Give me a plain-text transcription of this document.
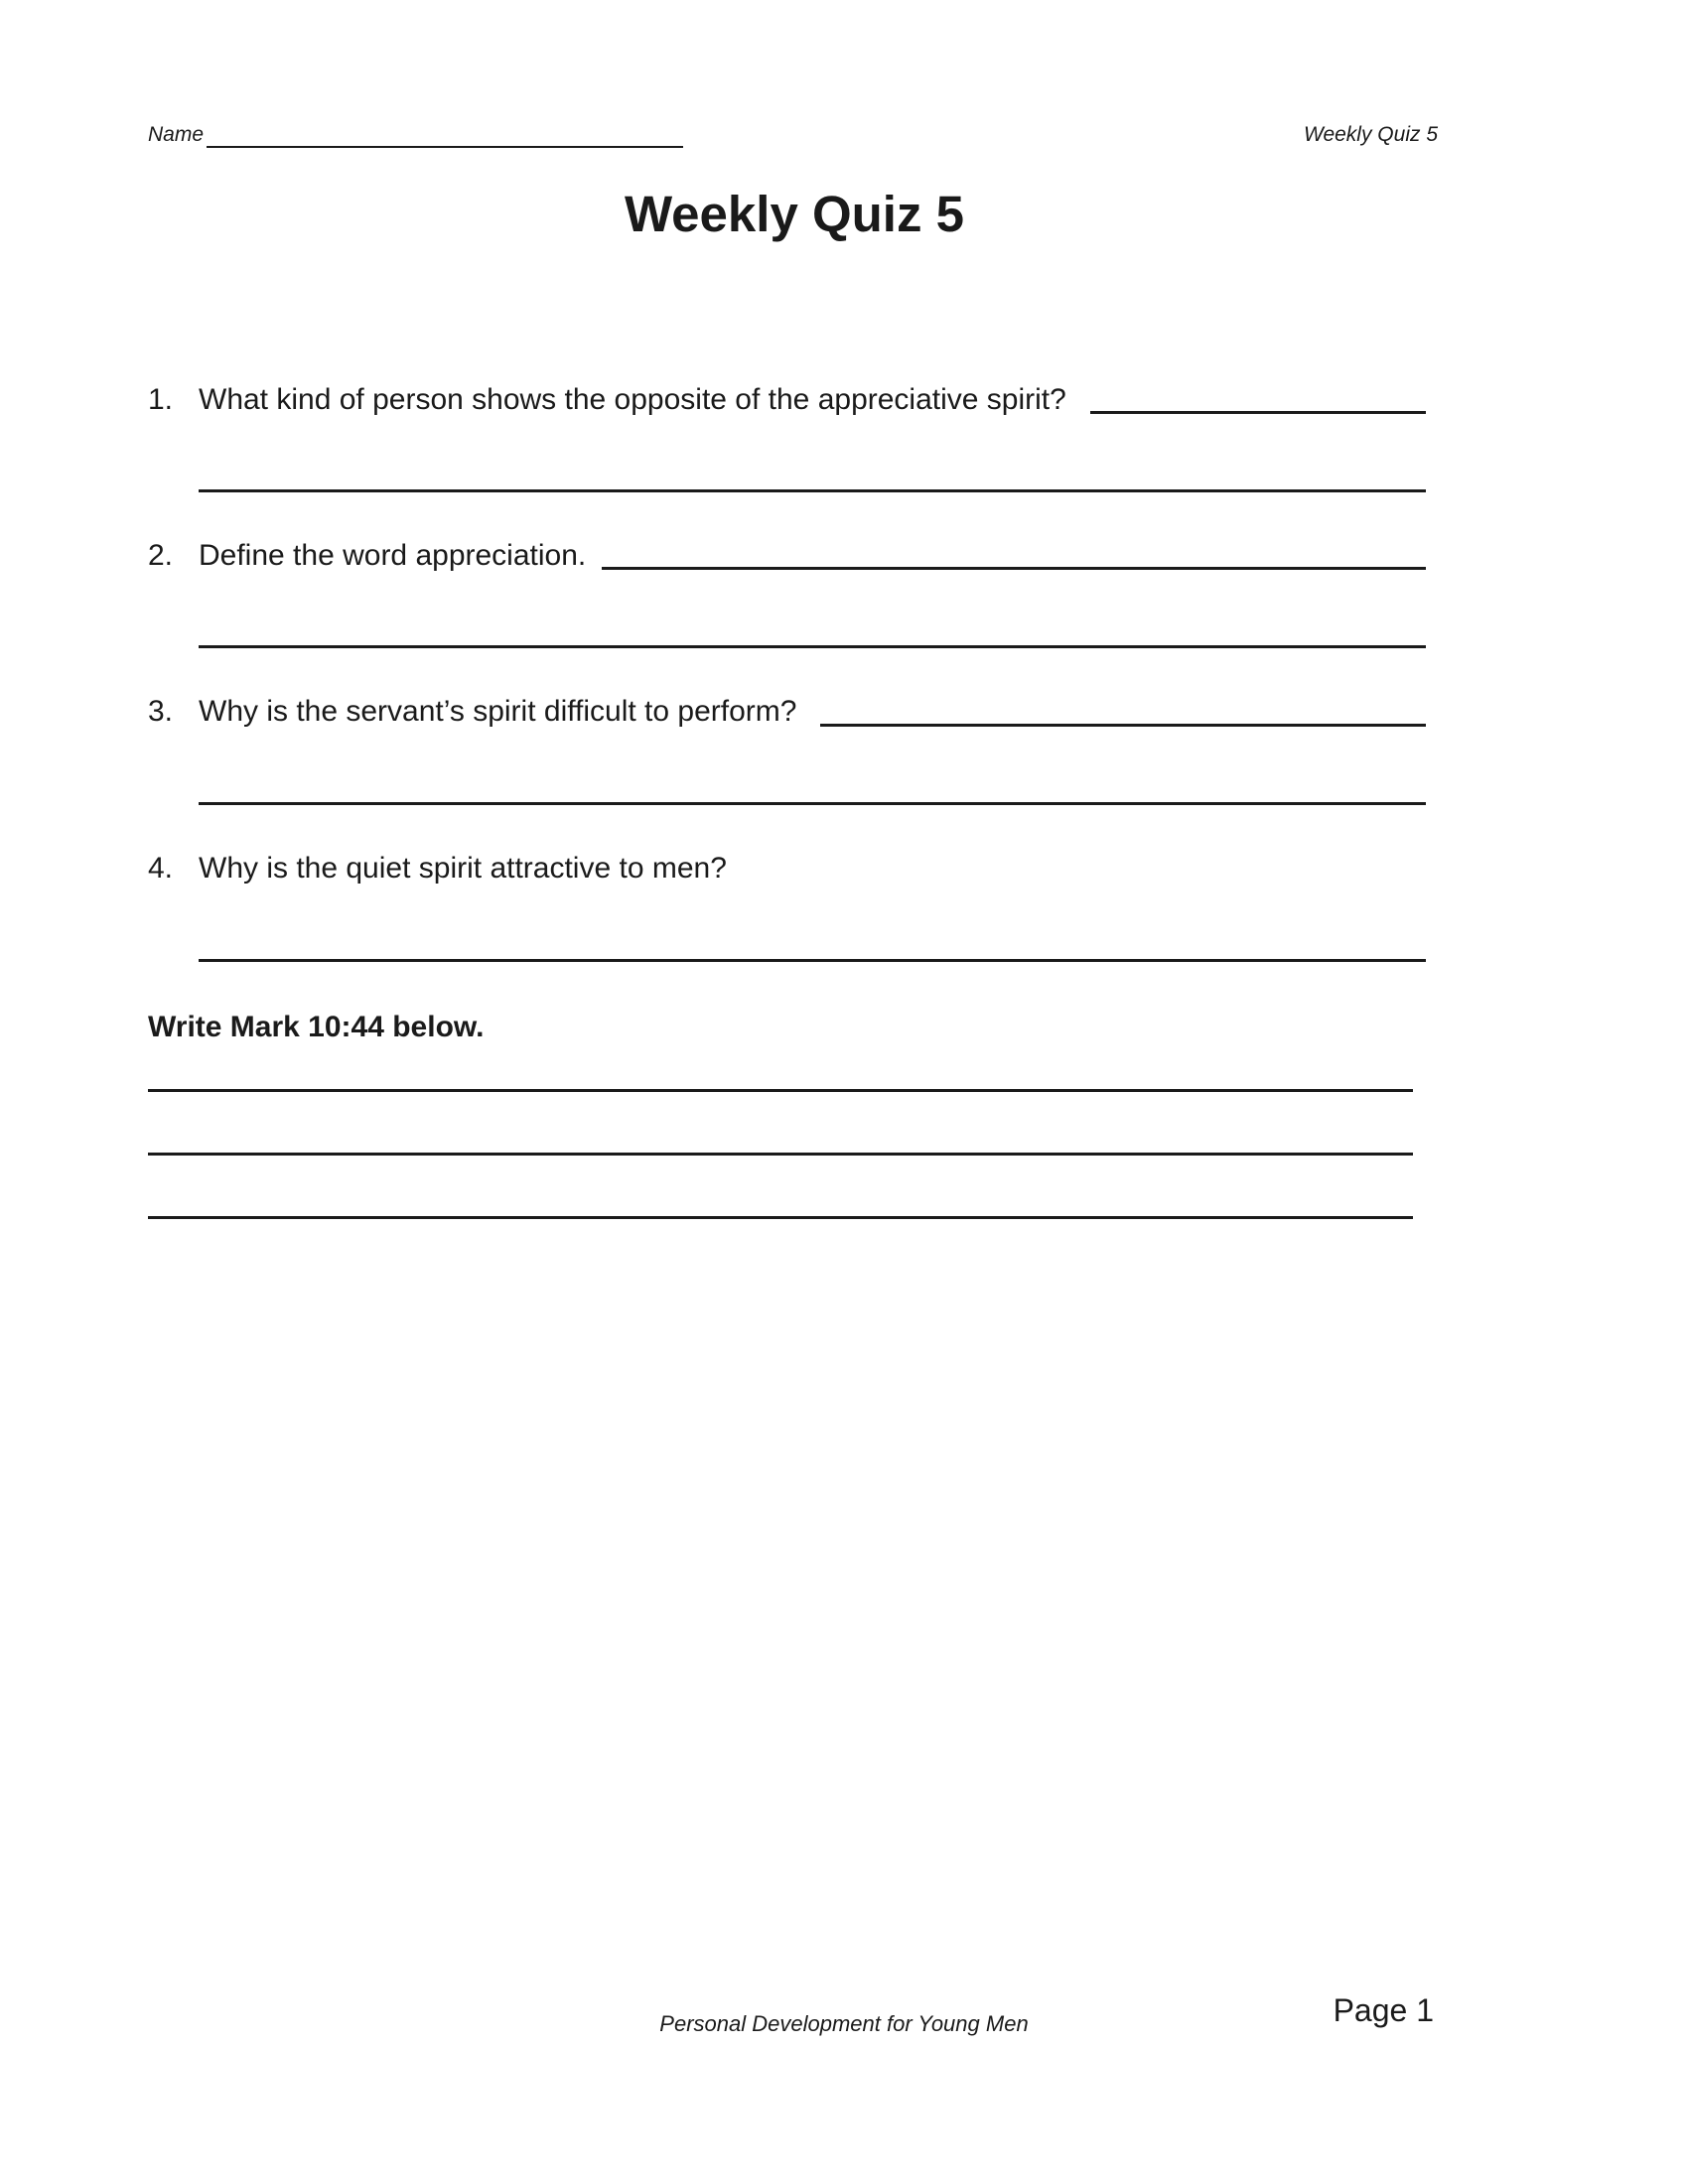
Name	Weekly Quiz 5
Weekly Quiz 5
1. What kind of person shows the opposite of the appreciative spirit?
2. Define the word appreciation.
3. Why is the servant’s spirit difficult to perform?
4. Why is the quiet spirit attractive to men?
Write Mark 10:44 below.
Personal Development for Young Men	Page 1
